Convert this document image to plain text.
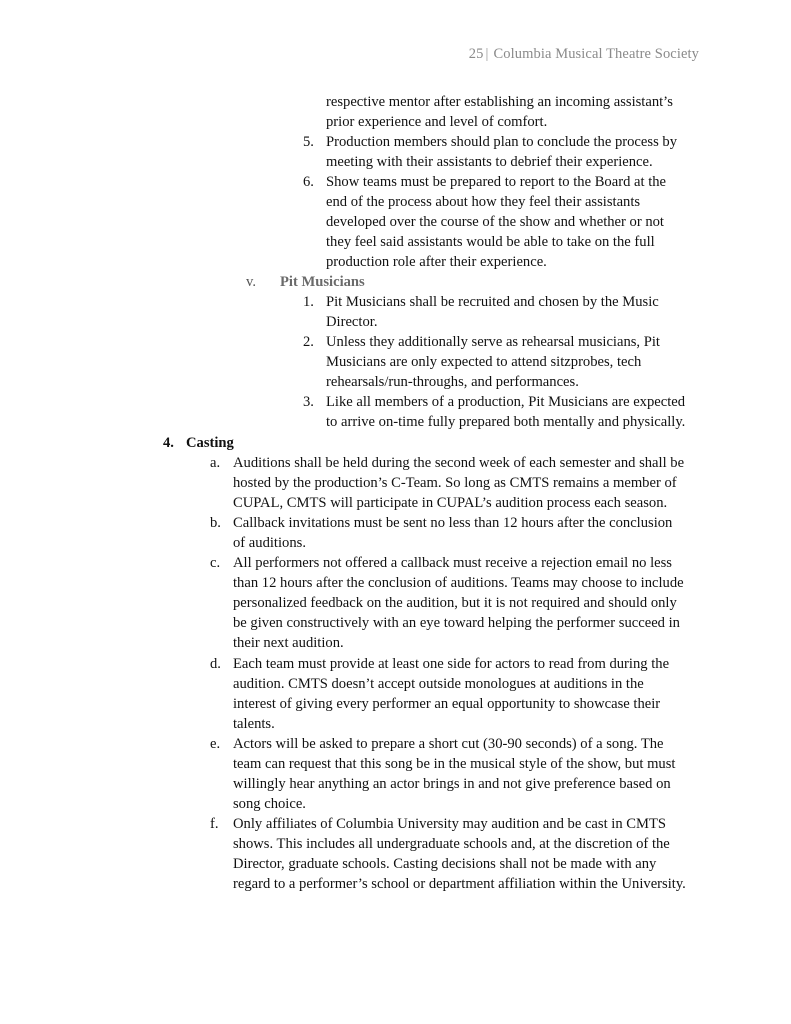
25 | Columbia Musical Theatre Society
respective mentor after establishing an incoming assistant’s
prior experience and level of comfort.
5. Production members should plan to conclude the process by
meeting with their assistants to debrief their experience.
6. Show teams must be prepared to report to the Board at the
end of the process about how they feel their assistants
developed over the course of the show and whether or not
they feel said assistants would be able to take on the full
production role after their experience.
v. Pit Musicians
1. Pit Musicians shall be recruited and chosen by the Music
Director.
2. Unless they additionally serve as rehearsal musicians, Pit
Musicians are only expected to attend sitzprobes, tech
rehearsals/run-throughs, and performances.
3. Like all members of a production, Pit Musicians are expected
to arrive on-time fully prepared both mentally and physically.
4. Casting
a. Auditions shall be held during the second week of each semester and shall be
hosted by the production’s C-Team. So long as CMTS remains a member of
CUPAL, CMTS will participate in CUPAL’s audition process each season.
b. Callback invitations must be sent no less than 12 hours after the conclusion
of auditions.
c. All performers not offered a callback must receive a rejection email no less
than 12 hours after the conclusion of auditions. Teams may choose to include
personalized feedback on the audition, but it is not required and should only
be given constructively with an eye toward helping the performer succeed in
their next audition.
d. Each team must provide at least one side for actors to read from during the
audition. CMTS doesn’t accept outside monologues at auditions in the
interest of giving every performer an equal opportunity to showcase their
talents.
e. Actors will be asked to prepare a short cut (30-90 seconds) of a song. The
team can request that this song be in the musical style of the show, but must
willingly hear anything an actor brings in and not give preference based on
song choice.
f. Only affiliates of Columbia University may audition and be cast in CMTS
shows. This includes all undergraduate schools and, at the discretion of the
Director, graduate schools. Casting decisions shall not be made with any
regard to a performer’s school or department affiliation within the University.
